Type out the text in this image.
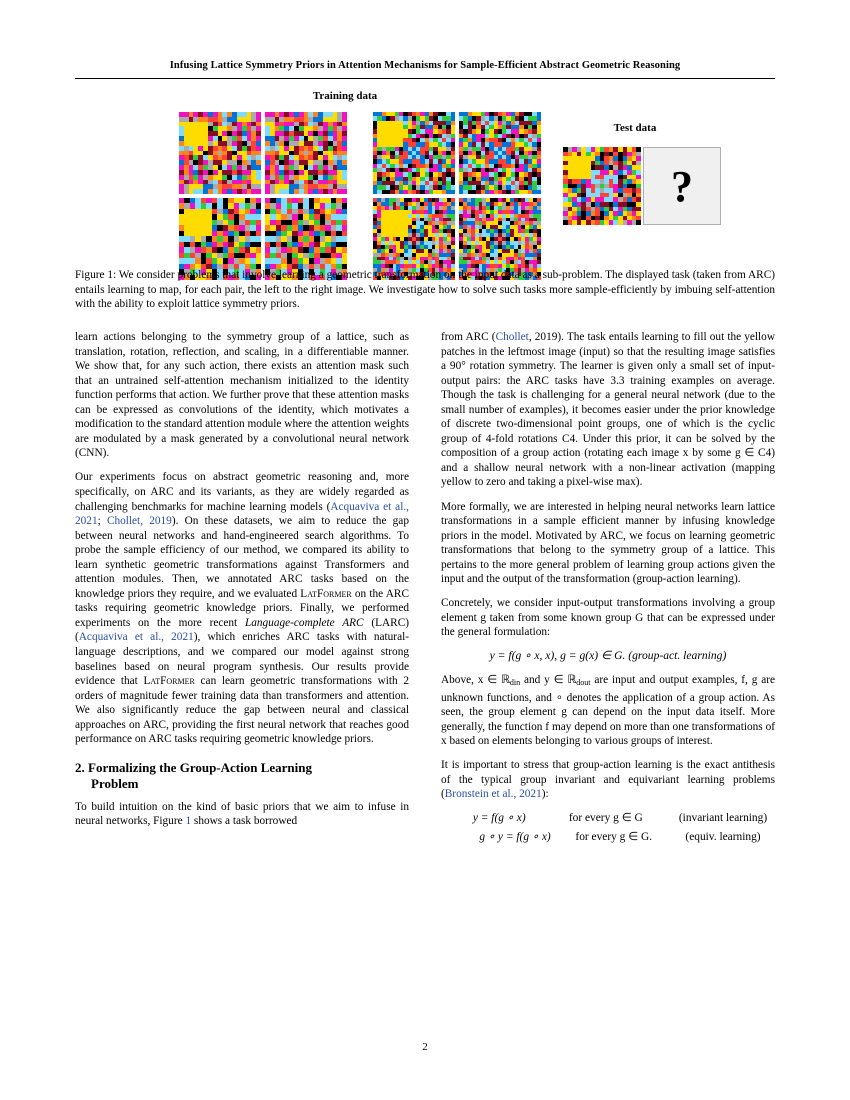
Infusing Lattice Symmetry Priors in Attention Mechanisms for Sample-Efficient Abstract Geometric Reasoning
Training data
Test data
?
Figure 1: We consider problems that involve learning a geometric transformation on the input data as a sub-problem. The displayed task (taken from ARC) entails learning to map, for each pair, the left to the right image. We investigate how to solve such tasks more sample-efficiently by imbuing self-attention with the ability to exploit lattice symmetry priors.

learn actions belonging to the symmetry group of a lattice, such as translation, rotation, reflection, and scaling, in a differentiable manner. We show that, for any such action, there exists an attention mask such that an untrained self-attention mechanism initialized to the identity function performs that action. We further prove that these attention masks can be expressed as convolutions of the identity, which motivates a modification to the standard attention module where the attention weights are modulated by a mask generated by a convolutional neural network (CNN).

Our experiments focus on abstract geometric reasoning and, more specifically, on ARC and its variants, as they are widely regarded as challenging benchmarks for machine learning models (Acquaviva et al., 2021; Chollet, 2019). On these datasets, we aim to reduce the gap between neural networks and hand-engineered search algorithms. To probe the sample efficiency of our method, we compared its ability to learn synthetic geometric transformations against Transformers and attention modules. Then, we annotated ARC tasks based on the knowledge priors they require, and we evaluated LatFormer on the ARC tasks requiring geometric knowledge priors. Finally, we performed experiments on the more recent Language-complete ARC (LARC) (Acquaviva et al., 2021), which enriches ARC tasks with natural-language descriptions, and we compared our model against strong baselines based on neural program synthesis. Our results provide evidence that LatFormer can learn geometric transformations with 2 orders of magnitude fewer training data than transformers and attention. We also significantly reduce the gap between neural and classical approaches on ARC, providing the first neural network that reaches good performance on ARC tasks requiring geometric knowledge priors.

2. Formalizing the Group-Action Learning
Problem

To build intuition on the kind of basic priors that we aim to infuse in neural networks, Figure 1 shows a task borrowed

from ARC (Chollet, 2019). The task entails learning to fill out the yellow patches in the leftmost image (input) so that the resulting image satisfies a 90° rotation symmetry. The learner is given only a small set of input-output pairs: the ARC tasks have 3.3 training examples on average. Though the task is challenging for a general neural network (due to the small number of examples), it becomes easier under the prior knowledge of discrete two-dimensional point groups, one of which is the cyclic group of 4-fold rotations C4. Under this prior, it can be solved by the composition of a group action (rotating each image x by some g ∈ C4) and a shallow neural network with a non-linear activation (mapping yellow to zero and taking a pixel-wise max).

More formally, we are interested in helping neural networks learn lattice transformations in a sample efficient manner by infusing knowledge priors in the model. Motivated by ARC, we focus on learning geometric transformations that belong to the symmetry group of a lattice. This pertains to the more general problem of learning group actions given the input and the output of the transformation (group-action learning).

Concretely, we consider input-output transformations involving a group element g taken from some known group G that can be expressed under the general formulation:

y = f(g ∘ x, x), g = g(x) ∈ G. (group-act. learning)

Above, x ∈ ℝ$_{din}$ and y ∈ ℝ$_{dout}$ are input and output examples, f, g are unknown functions, and ∘ denotes the application of a group action. As seen, the group element g can depend on the input data itself. More generally, the function f may depend on more than one transformations of x based on elements belonging to various groups of interest.

It is important to stress that group-action learning is the exact antithesis of the typical group invariant and equivariant learning problems (Bronstein et al., 2021):

y = f(g ∘ x)	for every g ∈ G	(invariant learning)
g ∘ y = f(g ∘ x) for every g ∈ G.	(equiv. learning)
2
